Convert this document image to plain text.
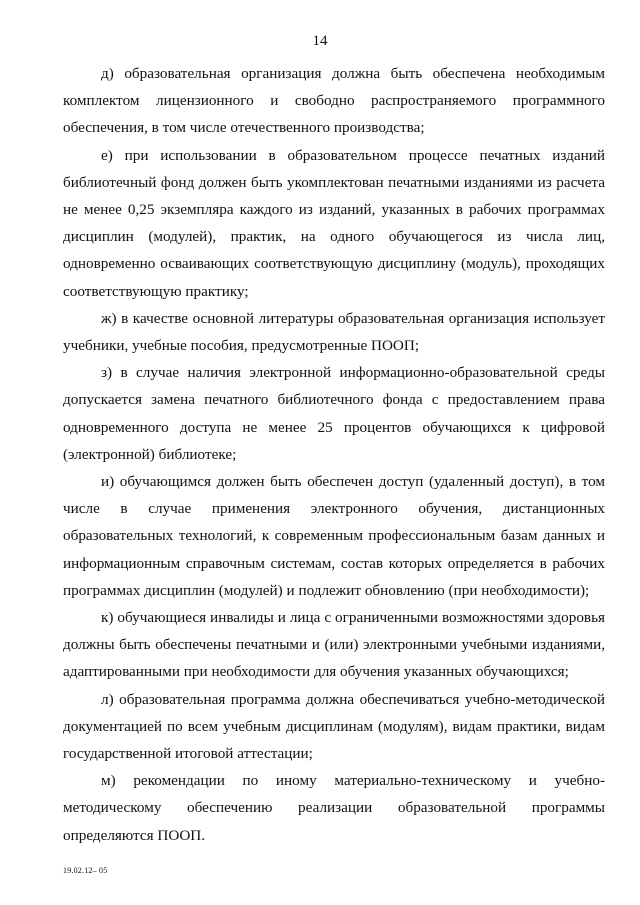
14

д) образовательная организация должна быть обеспечена необходимым комплектом лицензионного и свободно распространяемого программного обеспечения, в том числе отечественного производства;

е) при использовании в образовательном процессе печатных изданий библиотечный фонд должен быть укомплектован печатными изданиями из расчета не менее 0,25 экземпляра каждого из изданий, указанных в рабочих программах дисциплин (модулей), практик, на одного обучающегося из числа лиц, одновременно осваивающих соответствующую дисциплину (модуль), проходящих соответствующую практику;

ж) в качестве основной литературы образовательная организация использует учебники, учебные пособия, предусмотренные ПООП;

з) в случае наличия электронной информационно-образовательной среды допускается замена печатного библиотечного фонда с предоставлением права одновременного доступа не менее 25 процентов обучающихся к цифровой (электронной) библиотеке;

и) обучающимся должен быть обеспечен доступ (удаленный доступ), в том числе в случае применения электронного обучения, дистанционных образовательных технологий, к современным профессиональным базам данных и информационным справочным системам, состав которых определяется в рабочих программах дисциплин (модулей) и подлежит обновлению (при необходимости);

к) обучающиеся инвалиды и лица с ограниченными возможностями здоровья должны быть обеспечены печатными и (или) электронными учебными изданиями, адаптированными при необходимости для обучения указанных обучающихся;

л) образовательная программа должна обеспечиваться учебно-методической документацией по всем учебным дисциплинам (модулям), видам практики, видам государственной итоговой аттестации;

м) рекомендации по иному материально-техническому и учебно-методическому обеспечению реализации образовательной программы определяются ПООП.

19.02.12– 05
